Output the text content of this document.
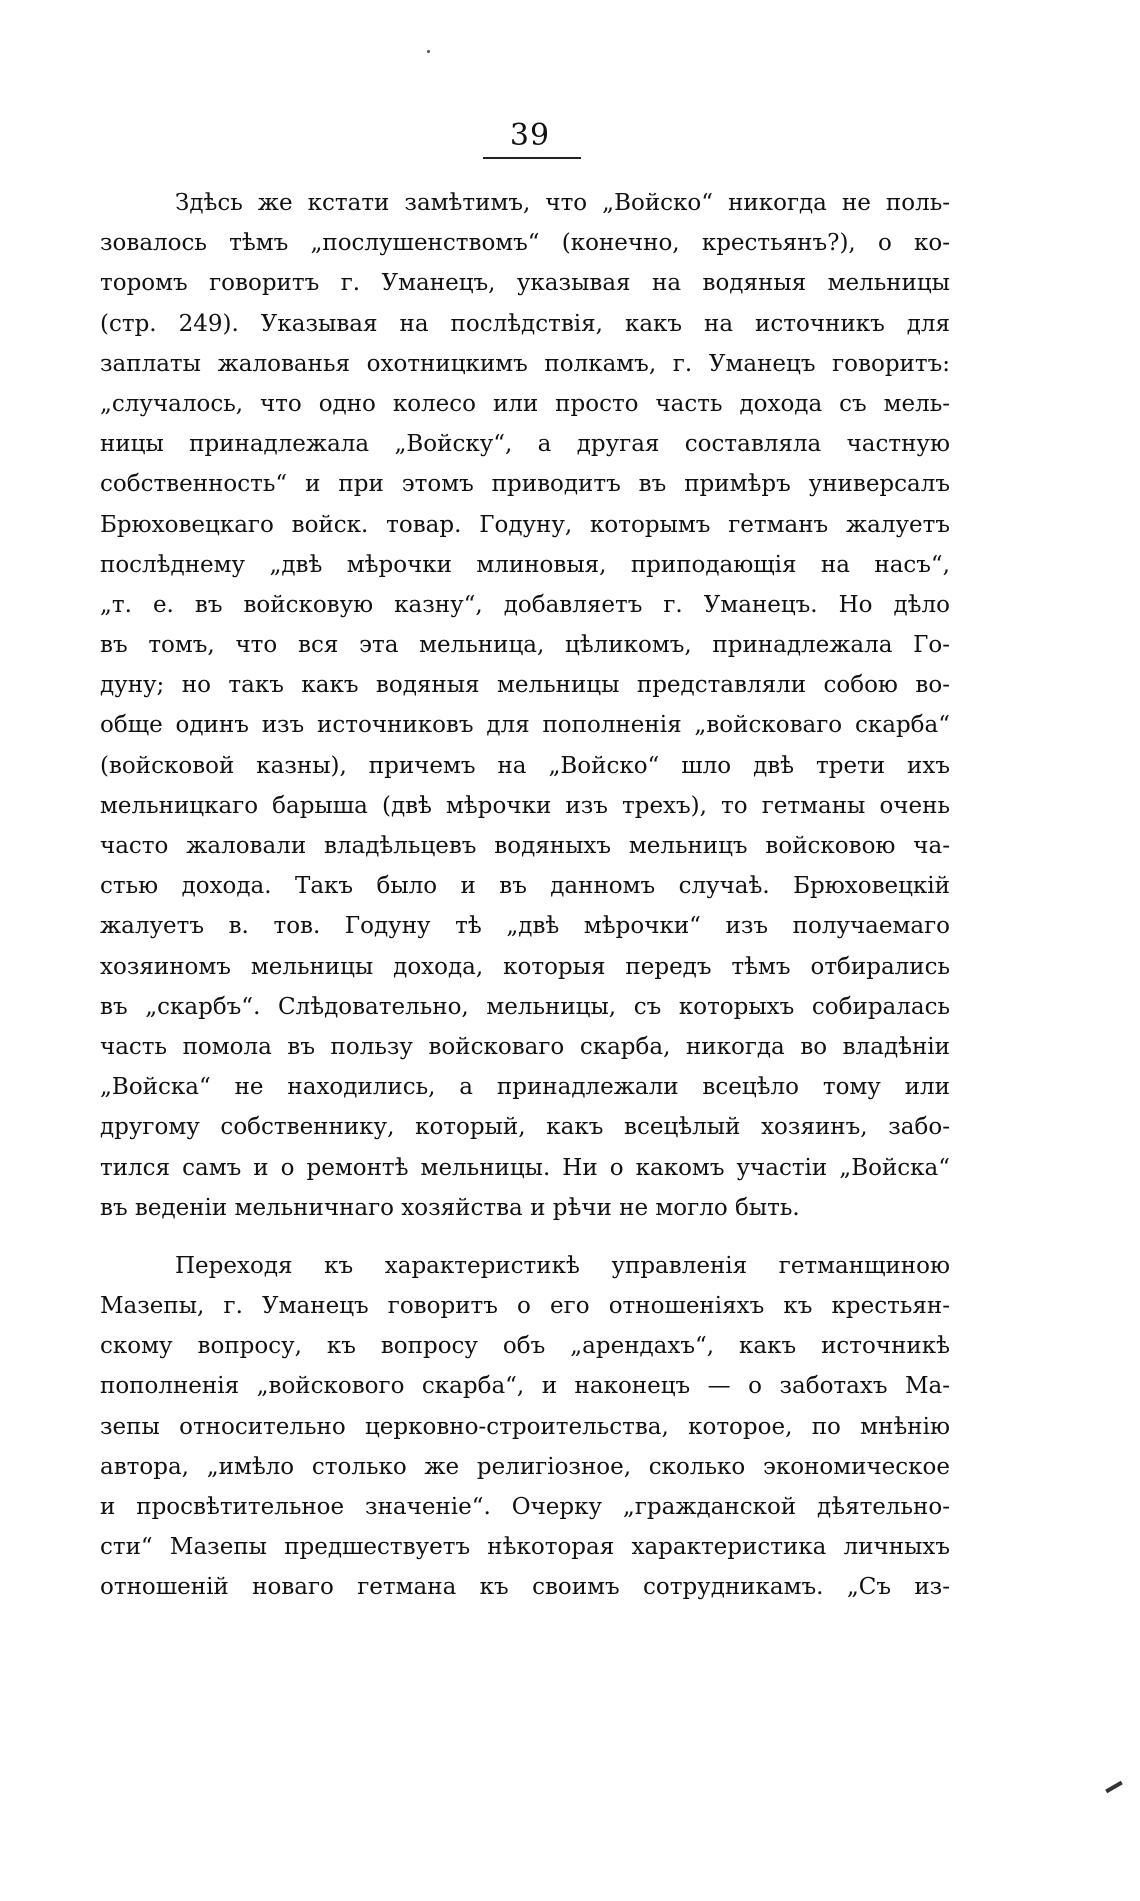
39
Здѣсь же кстати замѣтимъ, что „Войско“ никогда не поль-
зовалось тѣмъ „послушенствомъ“ (конечно, крестьянъ?), о ко-
торомъ говоритъ г. Уманецъ, указывая на водяныя мельницы
(стр. 249). Указывая на послѣдствія, какъ на источникъ для
заплаты жалованья охотницкимъ полкамъ, г. Уманецъ говоритъ:
„случалось, что одно колесо или просто часть дохода съ мель-
ницы принадлежала „Войску“, а другая составляла частную
собственность“ и при этомъ приводитъ въ примѣръ универсалъ
Брюховецкаго войск. товар. Годуну, которымъ гетманъ жалуетъ
послѣднему „двѣ мѣрочки млиновыя, приподающія на насъ“,
„т. е. въ войсковую казну“, добавляетъ г. Уманецъ. Но дѣло
въ томъ, что вся эта мельница, цѣликомъ, принадлежала Го-
дуну; но такъ какъ водяныя мельницы представляли собою во-
обще одинъ изъ источниковъ для пополненія „войсковаго скарба“
(войсковой казны), причемъ на „Войско“ шло двѣ трети ихъ
мельницкаго барыша (двѣ мѣрочки изъ трехъ), то гетманы очень
часто жаловали владѣльцевъ водяныхъ мельницъ войсковою ча-
стью дохода. Такъ было и въ данномъ случаѣ. Брюховецкій
жалуетъ в. тов. Годуну тѣ „двѣ мѣрочки“ изъ получаемаго
хозяиномъ мельницы дохода, которыя передъ тѣмъ отбирались
въ „скарбъ“. Слѣдовательно, мельницы, съ которыхъ собиралась
часть помола въ пользу войсковаго скарба, никогда во владѣніи
„Войска“ не находились, а принадлежали всецѣло тому или
другому собственнику, который, какъ всецѣлый хозяинъ, забо-
тился самъ и о ремонтѣ мельницы. Ни о какомъ участіи „Войска“
въ веденіи мельничнаго хозяйства и рѣчи не могло быть.
Переходя къ характеристикѣ управленія гетманщиною
Мазепы, г. Уманецъ говоритъ о его отношеніяхъ къ крестьян-
скому вопросу, къ вопросу объ „арендахъ“, какъ источникѣ
пополненія „войскового скарба“, и наконецъ — о заботахъ Ма-
зепы относительно церковно-строительства, которое, по мнѣнію
автора, „имѣло столько же религіозное, сколько экономическое
и просвѣтительное значеніе“. Очерку „гражданской дѣятельно-
сти“ Мазепы предшествуетъ нѣкоторая характеристика личныхъ
отношеній новаго гетмана къ своимъ сотрудникамъ. „Съ из-
